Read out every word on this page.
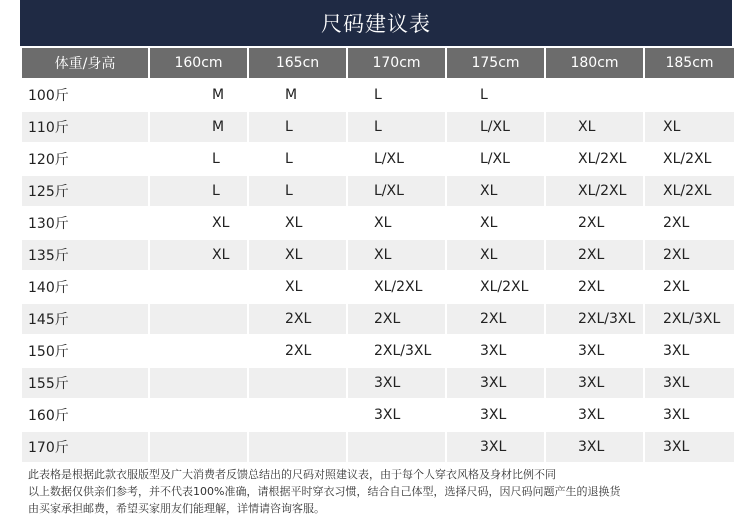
尺码建议表
体重/身高	160cm	165cn	170cm	175cm	180cm	185cm
100斤	M	M	L	L		
110斤	M	L	L	L/XL	XL	XL
120斤	L	L	L/XL	L/XL	XL/2XL	XL/2XL
125斤	L	L	L/XL	XL	XL/2XL	XL/2XL
130斤	XL	XL	XL	XL	2XL	2XL
135斤	XL	XL	XL	XL	2XL	2XL
140斤		XL	XL/2XL	XL/2XL	2XL	2XL
145斤		2XL	2XL	2XL	2XL/3XL	2XL/3XL
150斤		2XL	2XL/3XL	3XL	3XL	3XL
155斤			3XL	3XL	3XL	3XL
160斤			3XL	3XL	3XL	3XL
170斤				3XL	3XL	3XL
此表格是根据此款衣服版型及广大消费者反馈总结出的尺码对照建议表，由于每个人穿衣风格及身材比例不同
以上数据仅供亲们参考，并不代表100%准确，请根据平时穿衣习惯，结合自己体型，选择尺码，因尺码问题产生的退换货
由买家承担邮费，希望买家朋友们能理解，详情请咨询客服。
